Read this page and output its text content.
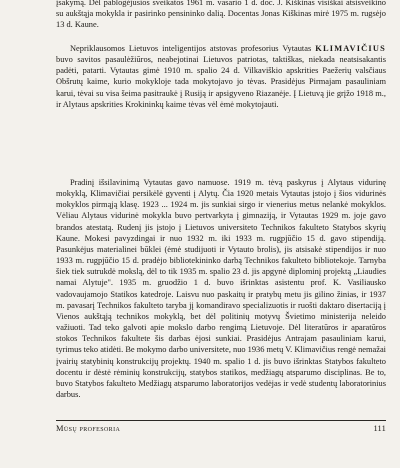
įsakymą. Dėl pablogėjusios sveikatos 1961 m. vasario 1 d. doc. J. Kiškinas visiškai atsisveikino su aukštąja mokykla ir pasirinko pensininko dalią. Docentas Jonas Kiškinas mirė 1975 m. rugsėjo 13 d. Kaune.

Nepriklausomos Lietuvos inteligentijos atstovas profesorius Vytautas KLIMAVIČIUS buvo savitos pasaulėžiūros, neabejotinai Lietuvos patriotas, taktiškas, niekada neatsisakantis padėti, patarti. Vytautas gimė 1910 m. spalio 24 d. Vilkaviškio apskrities Paežerių valsčiaus Obšrutų kaime, kurio mokykloje tada mokytojavo jo tėvas. Prasidėjus Pirmajam pasauliniam karui, tėvai su visa šeima pasitraukė į Rusiją ir apsigyveno Riazanėje. Į Lietuvą jie grįžo 1918 m., ir Alytaus apskrities Krokininkų kaime tėvas vėl ėmė mokytojauti.

Pradinį išsilavinimą Vytautas gavo namuose. 1919 m. tėvą paskyrus į Alytaus vidurinę mokyklą, Klimavičiai persikėlė gyventi į Alytų. Čia 1920 metais Vytautas įstojo į šios vidurinės mokyklos pirmąją klasę. 1923 ... 1924 m. jis sunkiai sirgo ir vienerius metus nelankė mokyklos. Vėliau Alytaus vidurinė mokykla buvo pertvarkyta į gimnaziją, ir Vytautas 1929 m. joje gavo brandos atestatą. Rudenį jis įstojo į Lietuvos universiteto Technikos fakulteto Statybos skyrių Kaune. Mokesi pavyzdingai ir nuo 1932 m. iki 1933 m. rugpjūčio 15 d. gavo stipendiją. Pasunkėjus materialinei būklei (ėmė studijuoti ir Vytauto brolis), jis atsisakė stipendijos ir nuo 1933 m. rugpjūčio 15 d. pradėjo bibliotekininko darbą Technikos fakulteto bibliotekoje. Tarnyba šiek tiek sutrukdė mokslą, dėl to tik 1935 m. spalio 23 d. jis apgynė diplominį projektą „Liaudies namai Alytuje". 1935 m. gruodžio 1 d. buvo išrinktas asistentu prof. K. Vasiliausko vadovaujamojo Statikos katedroje. Laisvu nuo paskaitų ir pratybų metu jis gilino žinias, ir 1937 m. pavasarį Technikos fakulteto taryba jį komandiravo specializuotis ir ruošti daktaro disertaciją į Vienos aukštąją technikos mokyklą, bet dėl politinių motyvų Švietimo ministerija neleido važiuoti. Tad teko galvoti apie mokslo darbo rengimą Lietuvoje. Dėl literatūros ir aparatūros stokos Technikos fakultete šis darbas ėjosi sunkiai. Prasidėjus Antrajam pasauliniam karui, tyrimus teko atidėti. Be mokymo darbo universitete, nuo 1936 metų V. Klimavičius rengė nemažai įvairių statybinių konstrukcijų projektų. 1940 m. spalio 1 d. jis buvo išrinktas Statybos fakulteto docentu ir dėstė rėminių konstrukcijų, statybos statikos, medžiagų atsparumo disciplinas. Be to, buvo Statybos fakulteto Medžiagų atsparumo laboratorijos vedėjas ir vedė studentų laboratorinius darbus.

Mūsų profesoria	111
